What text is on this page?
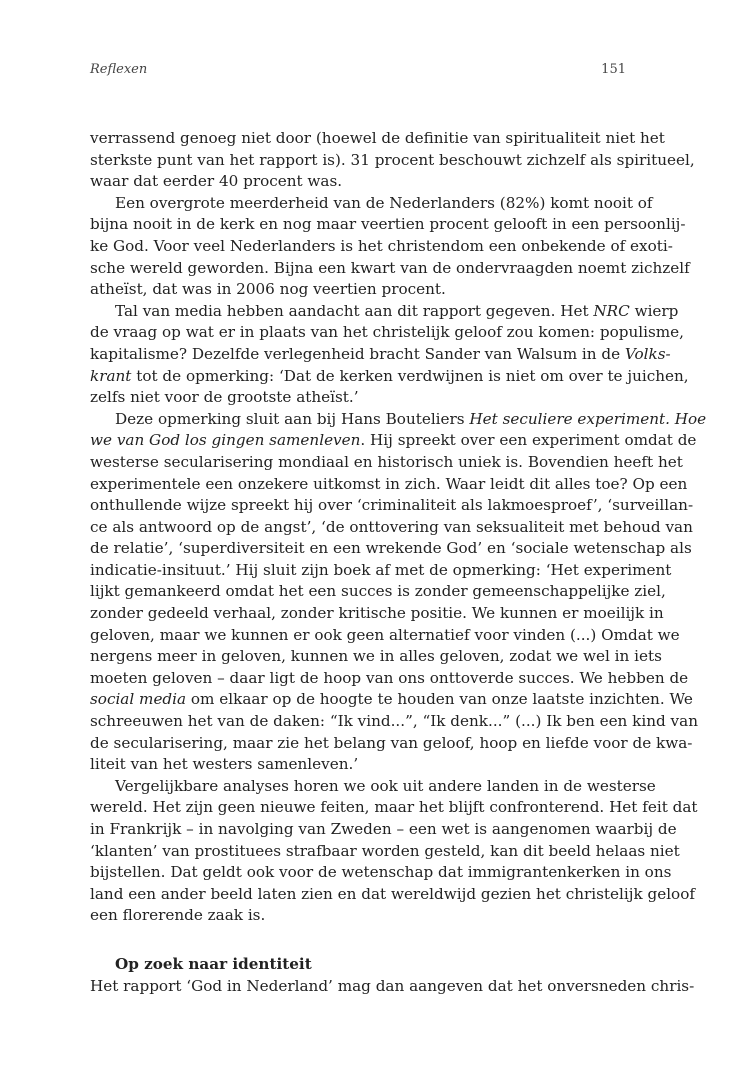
Reflexen	151
verrassend genoeg niet door (hoewel de definitie van spiritualiteit niet het
sterkste punt van het rapport is). 31 procent beschouwt zichzelf als spiritueel,
waar dat eerder 40 procent was.
Een overgrote meerderheid van de Nederlanders (82%) komt nooit of
bijna nooit in de kerk en nog maar veertien procent gelooft in een persoonlij-
ke God. Voor veel Nederlanders is het christendom een onbekende of exoti-
sche wereld geworden. Bijna een kwart van de ondervraagden noemt zichzelf
atheïst, dat was in 2006 nog veertien procent.
Tal van media hebben aandacht aan dit rapport gegeven. Het NRC wierp
de vraag op wat er in plaats van het christelijk geloof zou komen: populisme,
kapitalisme? Dezelfde verlegenheid bracht Sander van Walsum in de Volks-
krant tot de opmerking: ‘Dat de kerken verdwijnen is niet om over te juichen,
zelfs niet voor de grootste atheïst.’
Deze opmerking sluit aan bij Hans Bouteliers Het seculiere experiment. Hoe
we van God los gingen samenleven. Hij spreekt over een experiment omdat de
westerse secularisering mondiaal en historisch uniek is. Bovendien heeft het
experimentele een onzekere uitkomst in zich. Waar leidt dit alles toe? Op een
onthullende wijze spreekt hij over ‘criminaliteit als lakmoesproef’, ‘surveillan-
ce als antwoord op de angst’, ‘de onttovering van seksualiteit met behoud van
de relatie’, ‘superdiversiteit en een wrekende God’ en ‘sociale wetenschap als
indicatie-insituut.’ Hij sluit zijn boek af met de opmerking: ‘Het experiment
lijkt gemankeerd omdat het een succes is zonder gemeenschappelijke ziel,
zonder gedeeld verhaal, zonder kritische positie. We kunnen er moeilijk in
geloven, maar we kunnen er ook geen alternatief voor vinden (...) Omdat we
nergens meer in geloven, kunnen we in alles geloven, zodat we wel in iets
moeten geloven – daar ligt de hoop van ons onttoverde succes. We hebben de
social media om elkaar op de hoogte te houden van onze laatste inzichten. We
schreeuwen het van de daken: “Ik vind...”, “Ik denk...” (...) Ik ben een kind van
de secularisering, maar zie het belang van geloof, hoop en liefde voor de kwa-
liteit van het westers samenleven.’
Vergelijkbare analyses horen we ook uit andere landen in de westerse
wereld. Het zijn geen nieuwe feiten, maar het blijft confronterend. Het feit dat
in Frankrijk – in navolging van Zweden – een wet is aangenomen waarbij de
‘klanten’ van prostituees strafbaar worden gesteld, kan dit beeld helaas niet
bijstellen. Dat geldt ook voor de wetenschap dat immigrantenkerken in ons
land een ander beeld laten zien en dat wereldwijd gezien het christelijk geloof
een florerende zaak is.
Op zoek naar identiteit
Het rapport ‘God in Nederland’ mag dan aangeven dat het onversneden chris-
